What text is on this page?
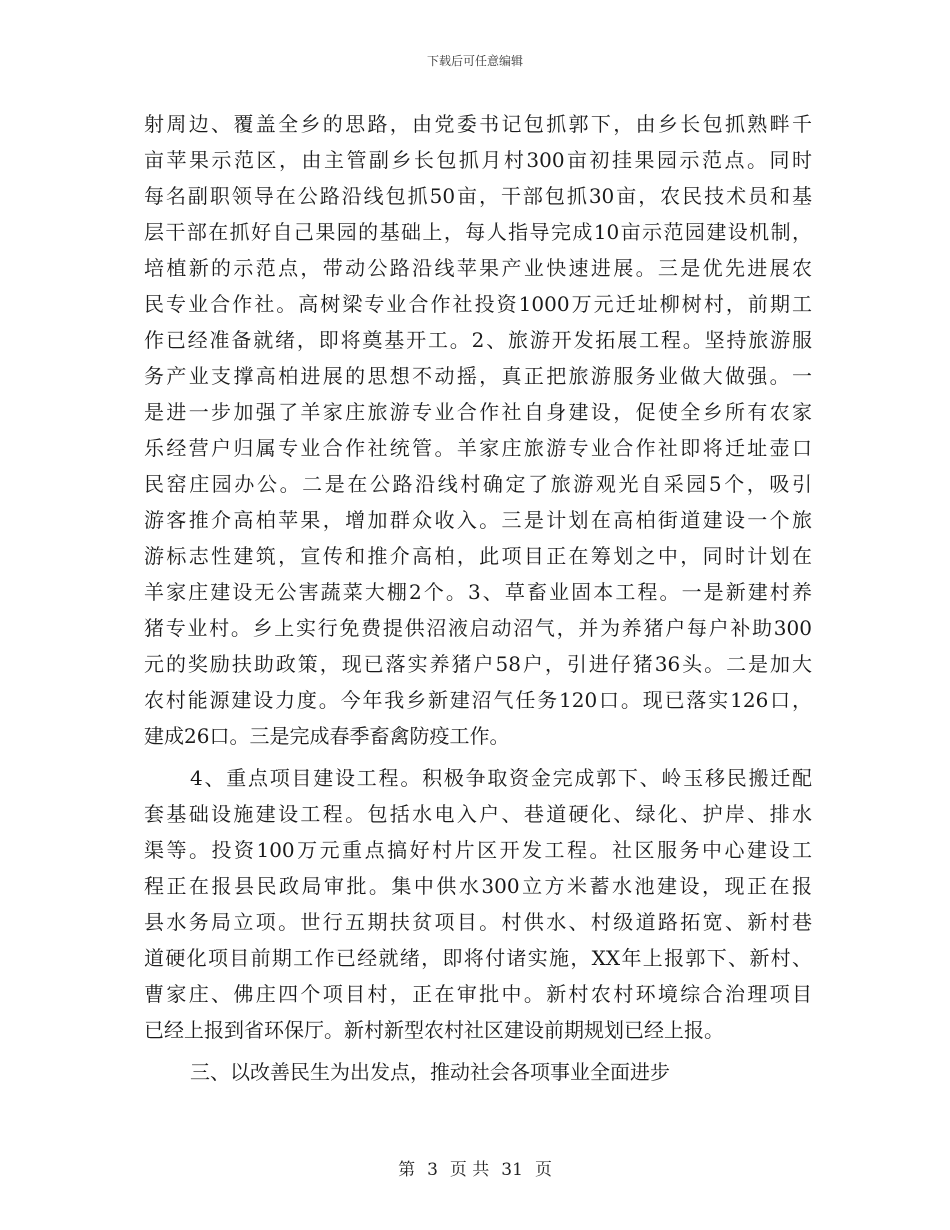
下载后可任意编辑
射周边、覆盖全乡的思路，由党委书记包抓郭下，由乡长包抓熟畔千
亩苹果示范区，由主管副乡长包抓月村300亩初挂果园示范点。同时
每名副职领导在公路沿线包抓50亩，干部包抓30亩，农民技术员和基
层干部在抓好自己果园的基础上，每人指导完成10亩示范园建设机制，
培植新的示范点，带动公路沿线苹果产业快速进展。三是优先进展农
民专业合作社。高树梁专业合作社投资1000万元迁址柳树村，前期工
作已经准备就绪，即将奠基开工。2、旅游开发拓展工程。坚持旅游服
务产业支撑高柏进展的思想不动摇，真正把旅游服务业做大做强。一
是进一步加强了羊家庄旅游专业合作社自身建设，促使全乡所有农家
乐经营户归属专业合作社统管。羊家庄旅游专业合作社即将迁址壶口
民窑庄园办公。二是在公路沿线村确定了旅游观光自采园5个，吸引
游客推介高柏苹果，增加群众收入。三是计划在高柏街道建设一个旅
游标志性建筑，宣传和推介高柏，此项目正在筹划之中，同时计划在
羊家庄建设无公害蔬菜大棚2个。3、草畜业固本工程。一是新建村养
猪专业村。乡上实行免费提供沼液启动沼气，并为养猪户每户补助300
元的奖励扶助政策，现已落实养猪户58户，引进仔猪36头。二是加大
农村能源建设力度。今年我乡新建沼气任务120口。现已落实126口，
建成26口。三是完成春季畜禽防疫工作。
4、重点项目建设工程。积极争取资金完成郭下、岭玉移民搬迁配
套基础设施建设工程。包括水电入户、巷道硬化、绿化、护岸、排水
渠等。投资100万元重点搞好村片区开发工程。社区服务中心建设工
程正在报县民政局审批。集中供水300立方米蓄水池建设，现正在报
县水务局立项。世行五期扶贫项目。村供水、村级道路拓宽、新村巷
道硬化项目前期工作已经就绪，即将付诸实施，XX年上报郭下、新村、
曹家庄、佛庄四个项目村，正在审批中。新村农村环境综合治理项目
已经上报到省环保厅。新村新型农村社区建设前期规划已经上报。
三、以改善民生为出发点，推动社会各项事业全面进步
第 3 页 共 31 页
